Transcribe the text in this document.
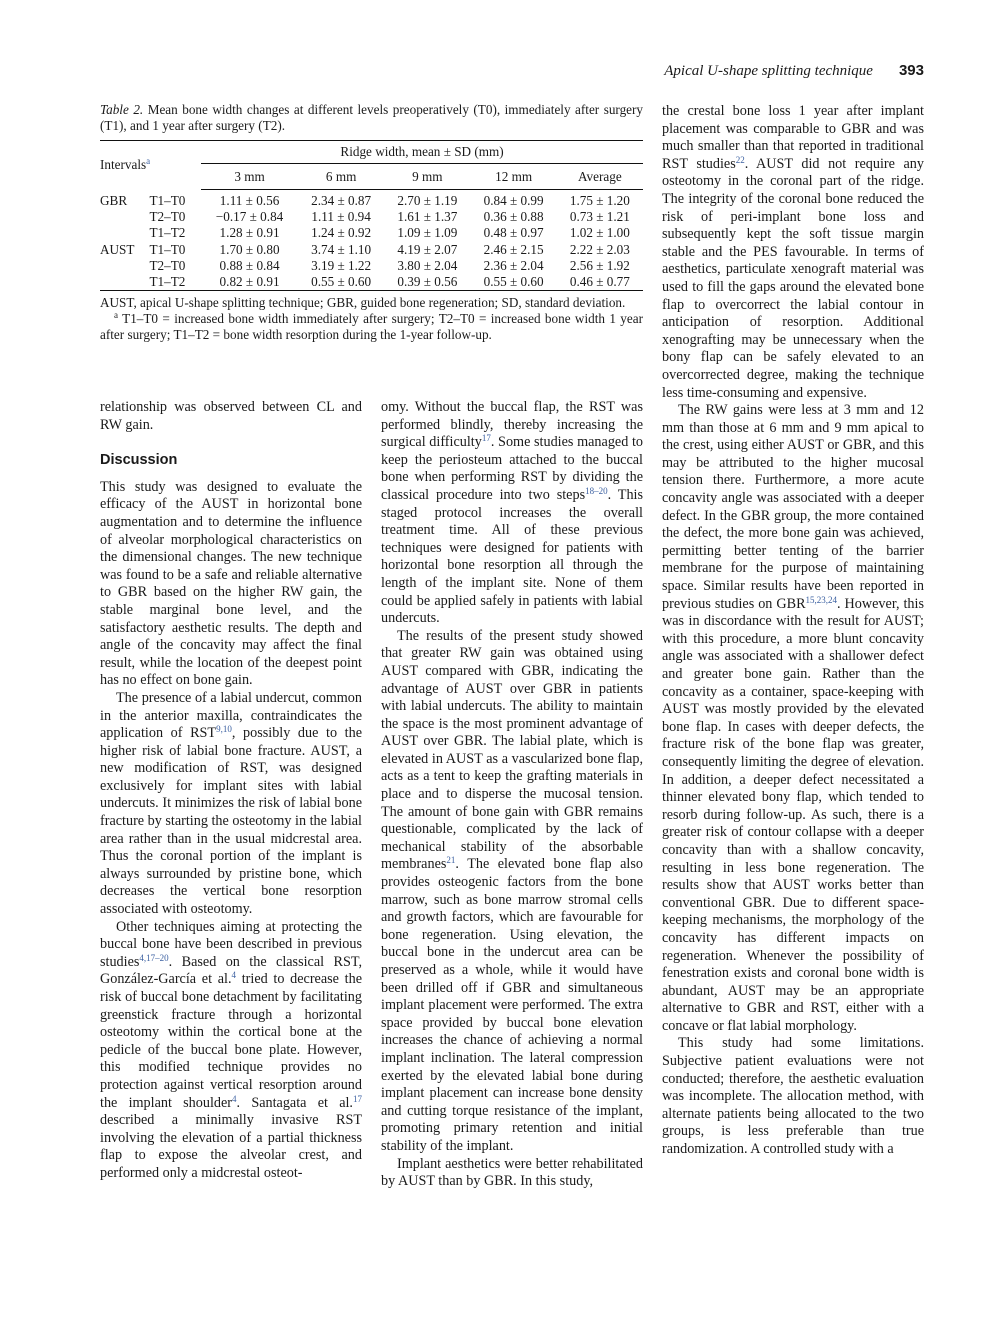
Apical U-shape splitting technique 393

Table 2. Mean bone width changes at different levels preoperatively (T0), immediately after surgery (T1), and 1 year after surgery (T2).

Intervals$^a$		Ridge width, mean ± SD (mm)				
		3 mm	6 mm	9 mm	12 mm	Average
GBR	T1–T0	1.11 ± 0.56	2.34 ± 0.87	2.70 ± 1.19	0.84 ± 0.99	1.75 ± 1.20
	T2–T0	−0.17 ± 0.84	1.11 ± 0.94	1.61 ± 1.37	0.36 ± 0.88	0.73 ± 1.21
	T1–T2	1.28 ± 0.91	1.24 ± 0.92	1.09 ± 1.09	0.48 ± 0.97	1.02 ± 1.00
AUST	T1–T0	1.70 ± 0.80	3.74 ± 1.10	4.19 ± 2.07	2.46 ± 2.15	2.22 ± 2.03
	T2–T0	0.88 ± 0.84	3.19 ± 1.22	3.80 ± 2.04	2.36 ± 2.04	2.56 ± 1.92
	T1–T2	0.82 ± 0.91	0.55 ± 0.60	0.39 ± 0.56	0.55 ± 0.60	0.46 ± 0.77

AUST, apical U-shape splitting technique; GBR, guided bone regeneration; SD, standard deviation.

$^a$ T1–T0 = increased bone width immediately after surgery; T2–T0 = increased bone width 1 year after surgery; T1–T2 = bone width resorption during the 1-year follow-up.

relationship was observed between CL and RW gain.

Discussion

This study was designed to evaluate the efficacy of the AUST in horizontal bone augmentation and to determine the influence of alveolar morphological characteristics on the dimensional changes. The new technique was found to be a safe and reliable alternative to GBR based on the higher RW gain, the stable marginal bone level, and the satisfactory aesthetic results. The depth and angle of the concavity may affect the final result, while the location of the deepest point has no effect on bone gain.

The presence of a labial undercut, common in the anterior maxilla, contraindicates the application of RST$^{9,10}$, possibly due to the higher risk of labial bone fracture. AUST, a new modification of RST, was designed exclusively for implant sites with labial undercuts. It minimizes the risk of labial bone fracture by starting the osteotomy in the labial area rather than in the usual midcrestal area. Thus the coronal portion of the implant is always surrounded by pristine bone, which decreases the vertical bone resorption associated with osteotomy.

Other techniques aiming at protecting the buccal bone have been described in previous studies$^{4,17-20}$. Based on the classical RST, González-García et al.$^4$ tried to decrease the risk of buccal bone detachment by facilitating greenstick fracture through a horizontal osteotomy within the cortical bone at the pedicle of the buccal bone plate. However, this modified technique provides no protection against vertical resorption around the implant shoulder$^4$. Santagata et al.$^{17}$ described a minimally invasive RST involving the elevation of a partial thickness flap to expose the alveolar crest, and performed only a midcrestal osteot-

omy. Without the buccal flap, the RST was performed blindly, thereby increasing the surgical difficulty$^{17}$. Some studies managed to keep the periosteum attached to the buccal bone when performing RST by dividing the classical procedure into two steps$^{18-20}$. This staged protocol increases the overall treatment time. All of these previous techniques were designed for patients with horizontal bone resorption all through the length of the implant site. None of them could be applied safely in patients with labial undercuts.

The results of the present study showed that greater RW gain was obtained using AUST compared with GBR, indicating the advantage of AUST over GBR in patients with labial undercuts. The ability to maintain the space is the most prominent advantage of AUST over GBR. The labial plate, which is elevated in AUST as a vascularized bone flap, acts as a tent to keep the grafting materials in place and to disperse the mucosal tension. The amount of bone gain with GBR remains questionable, complicated by the lack of mechanical stability of the absorbable membranes$^{21}$. The elevated bone flap also provides osteogenic factors from the bone marrow, such as bone marrow stromal cells and growth factors, which are favourable for bone regeneration. Using elevation, the buccal bone in the undercut area can be preserved as a whole, while it would have been drilled off if GBR and simultaneous implant placement were performed. The extra space provided by buccal bone elevation increases the chance of achieving a normal implant inclination. The lateral compression exerted by the elevated labial bone during implant placement can increase bone density and cutting torque resistance of the implant, promoting primary retention and initial stability of the implant.

Implant aesthetics were better rehabilitated by AUST than by GBR. In this study,

the crestal bone loss 1 year after implant placement was comparable to GBR and was much smaller than that reported in traditional RST studies$^{22}$. AUST did not require any osteotomy in the coronal part of the ridge. The integrity of the coronal bone reduced the risk of peri-implant bone loss and subsequently kept the soft tissue margin stable and the PES favourable. In terms of aesthetics, particulate xenograft material was used to fill the gaps around the elevated bone flap to overcorrect the labial contour in anticipation of resorption. Additional xenografting may be unnecessary when the bony flap can be safely elevated to an overcorrected degree, making the technique less time-consuming and expensive.

The RW gains were less at 3 mm and 12 mm than those at 6 mm and 9 mm apical to the crest, using either AUST or GBR, and this may be attributed to the higher mucosal tension there. Furthermore, a more acute concavity angle was associated with a deeper defect. In the GBR group, the more contained the defect, the more bone gain was achieved, permitting better tenting of the barrier membrane for the purpose of maintaining space. Similar results have been reported in previous studies on GBR$^{15,23,24}$. However, this was in discordance with the result for AUST; with this procedure, a more blunt concavity angle was associated with a shallower defect and greater bone gain. Rather than the concavity as a container, space-keeping with AUST was mostly provided by the elevated bone flap. In cases with deeper defects, the fracture risk of the bone flap was greater, consequently limiting the degree of elevation. In addition, a deeper defect necessitated a thinner elevated bony flap, which tended to resorb during follow-up. As such, there is a greater risk of contour collapse with a deeper concavity than with a shallow concavity, resulting in less bone regeneration. The results show that AUST works better than conventional GBR. Due to different space-keeping mechanisms, the morphology of the concavity has different impacts on regeneration. Whenever the possibility of fenestration exists and coronal bone width is abundant, AUST may be an appropriate alternative to GBR and RST, either with a concave or flat labial morphology.

This study had some limitations. Subjective patient evaluations were not conducted; therefore, the aesthetic evaluation was incomplete. The allocation method, with alternate patients being allocated to the two groups, is less preferable than true randomization. A controlled study with a
